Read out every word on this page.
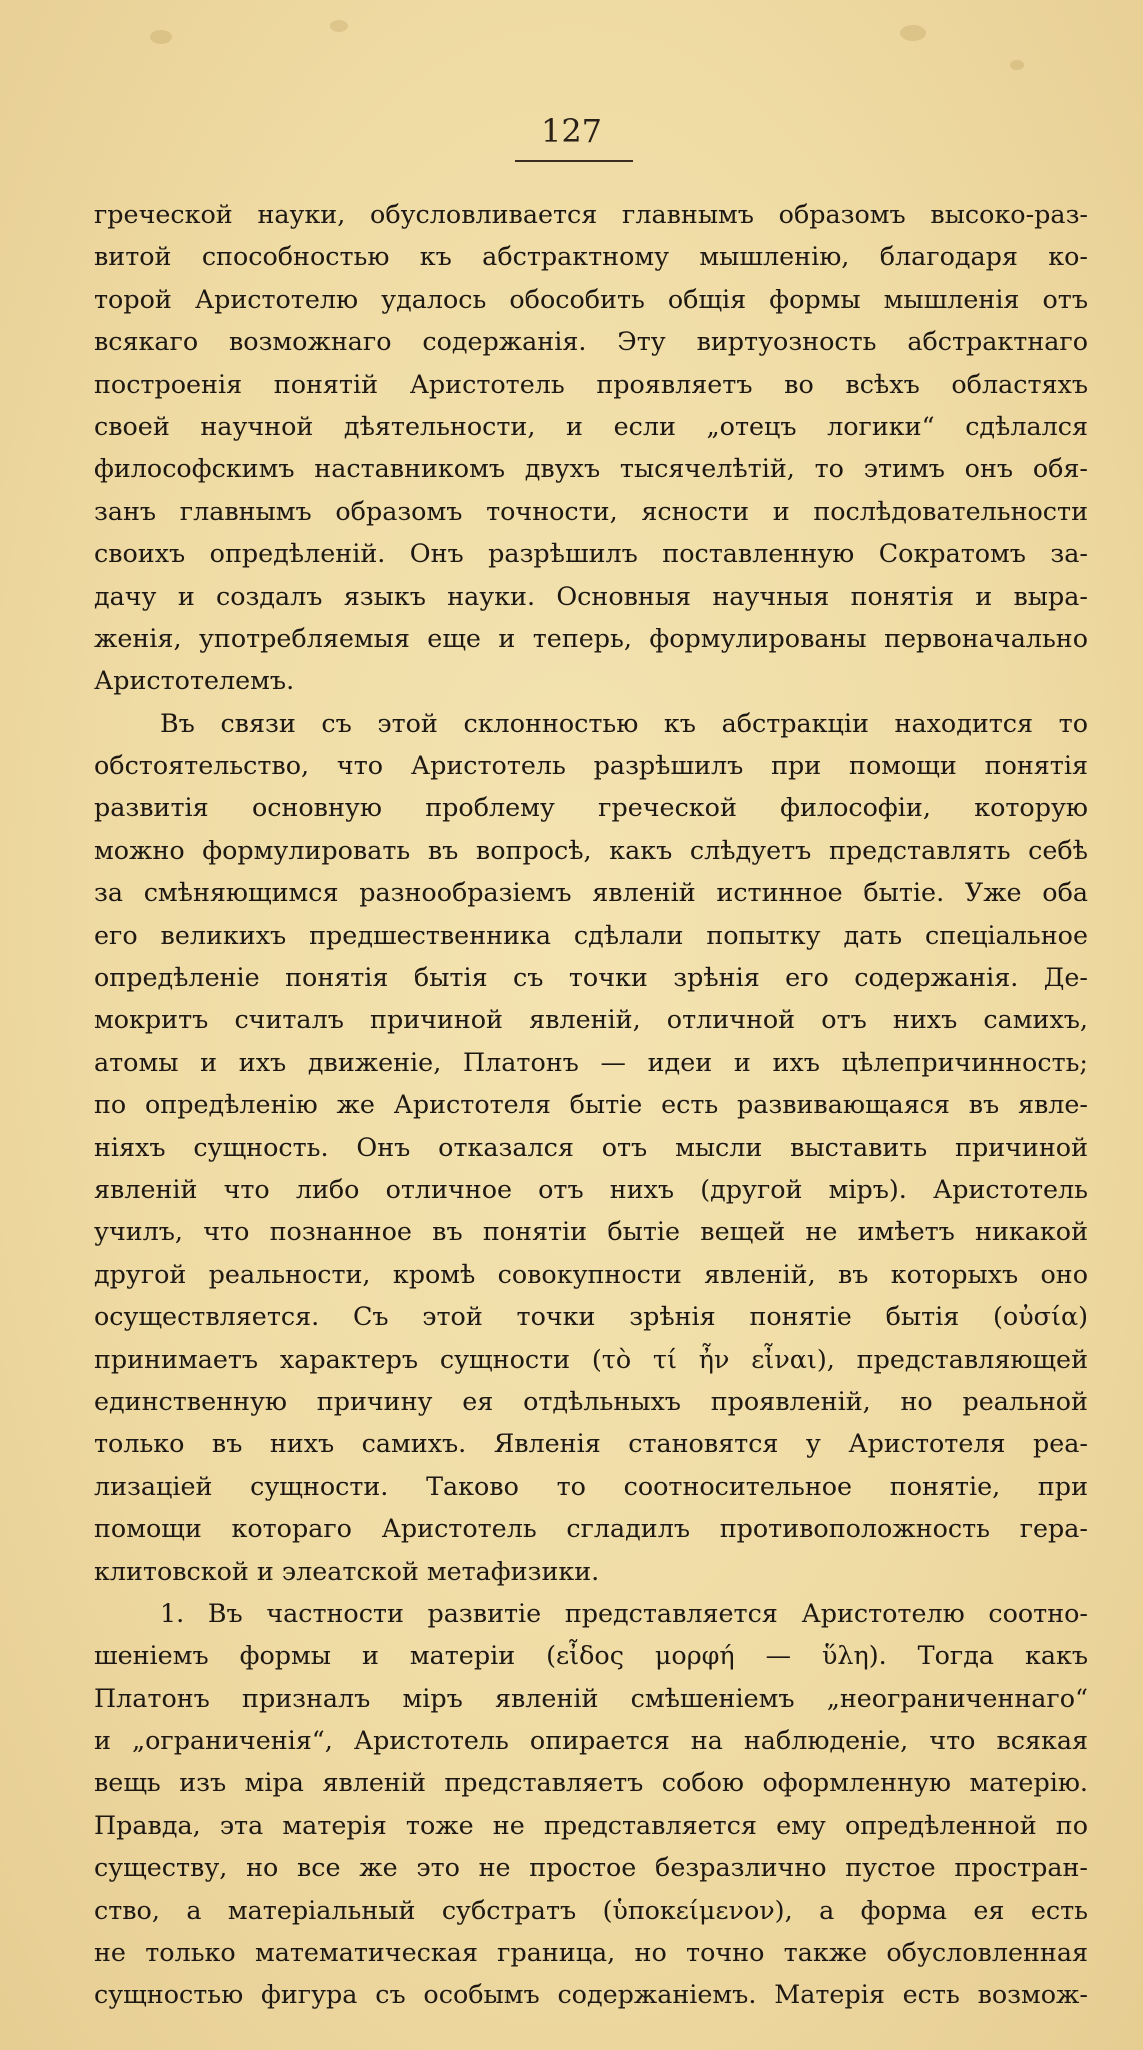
127
греческой науки, обусловливается главнымъ образомъ высоко-раз-
витой способностью къ абстрактному мышленію, благодаря ко-
торой Аристотелю удалось обособить общія формы мышленія отъ
всякаго возможнаго содержанія. Эту виртуозность абстрактнаго
построенія понятій Аристотель проявляетъ во всѣхъ областяхъ
своей научной дѣятельности, и если „отецъ логики“ сдѣлался
философскимъ наставникомъ двухъ тысячелѣтій, то этимъ онъ обя-
занъ главнымъ образомъ точности, ясности и послѣдовательности
своихъ опредѣленій. Онъ разрѣшилъ поставленную Сократомъ за-
дачу и создалъ языкъ науки. Основныя научныя понятія и выра-
женія, употребляемыя еще и теперь, формулированы первоначально
Аристотелемъ.
Въ связи съ этой склонностью къ абстракціи находится то
обстоятельство, что Аристотель разрѣшилъ при помощи понятія
развитія основную проблему греческой философіи, которую
можно формулировать въ вопросѣ, какъ слѣдуетъ представлять себѣ
за смѣняющимся разнообразіемъ явленій истинное бытіе. Уже оба
его великихъ предшественника сдѣлали попытку дать спеціальное
опредѣленіе понятія бытія съ точки зрѣнія его содержанія. Де-
мокритъ считалъ причиной явленій, отличной отъ нихъ самихъ,
атомы и ихъ движеніе, Платонъ — идеи и ихъ цѣлепричинность;
по опредѣленію же Аристотеля бытіе есть развивающаяся въ явле-
ніяхъ сущность. Онъ отказался отъ мысли выставить причиной
явленій что либо отличное отъ нихъ (другой міръ). Аристотель
училъ, что познанное въ понятіи бытіе вещей не имѣетъ никакой
другой реальности, кромѣ совокупности явленій, въ которыхъ оно
осуществляется. Съ этой точки зрѣнія понятіе бытія (οὐσία)
принимаетъ характеръ сущности (τὸ τί ἦν εἶναι), представляющей
единственную причину ея отдѣльныхъ проявленій, но реальной
только въ нихъ самихъ. Явленія становятся у Аристотеля реа-
лизаціей сущности. Таково то соотносительное понятіе, при
помощи котораго Аристотель сгладилъ противоположность гера-
клитовской и элеатской метафизики.
1. Въ частности развитіе представляется Аристотелю соотно-
шеніемъ формы и матеріи (εἶδος μορφή — ὕλη). Тогда какъ
Платонъ призналъ міръ явленій смѣшеніемъ „неограниченнаго“
и „ограниченія“, Аристотель опирается на наблюденіе, что всякая
вещь изъ міра явленій представляетъ собою оформленную матерію.
Правда, эта матерія тоже не представляется ему опредѣленной по
существу, но все же это не простое безразлично пустое простран-
ство, а матеріальный субстратъ (ὑποκείμενον), а форма ея есть
не только математическая граница, но точно также обусловленная
сущностью фигура съ особымъ содержаніемъ. Матерія есть возмож-
